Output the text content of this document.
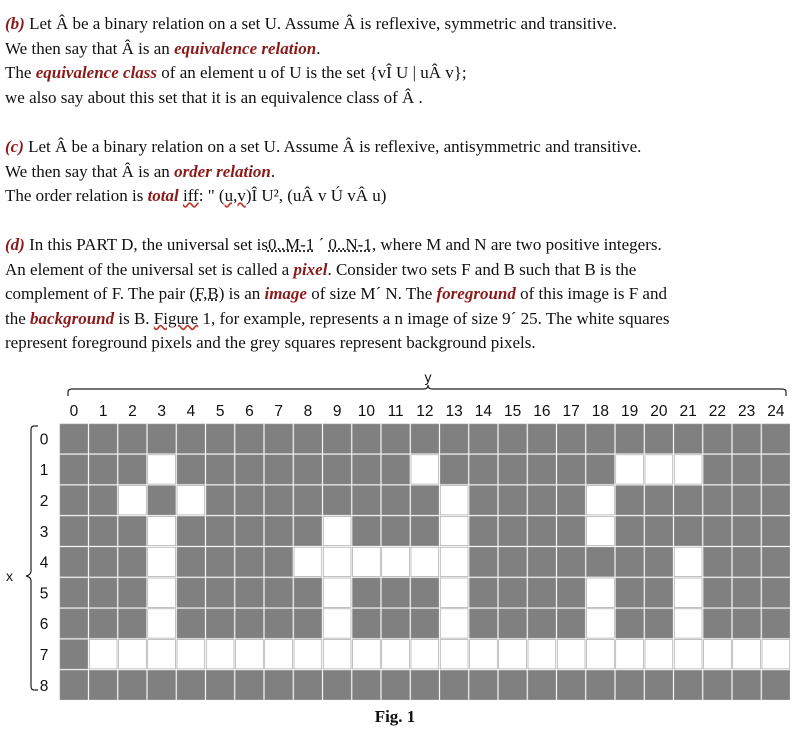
(b) Let Â be a binary relation on a set U. Assume Â is reflexive, symmetric and transitive.
We then say that Â is an equivalence relation.
The equivalence class of an element u of U is the set {vÎ U | uÂ v};
we also say about this set that it is an equivalence class of Â .
(c) Let Â be a binary relation on a set U. Assume Â is reflexive, antisymmetric and transitive.
We then say that Â is an order relation.
The order relation is total iff: " (u,v)Î U², (uÂ v Ú vÂ u)
(d) In this PART D, the universal set is0..M-1 ´ 0..N-1, where M and N are two positive integers.
An element of the universal set is called a pixel. Consider two sets F and B such that B is the
complement of F. The pair (F,B) is an image of size M´ N. The foreground of this image is F and
the background is B. Figure 1, for example, represents a n image of size 9´ 25. The white squares
represent foreground pixels and the grey squares represent background pixels.
y
0 1 2 3 4 5 6 7 8 9 10 11 12 13 14 15 16 17 18 19 20 21 22 23 24
x
0
1
2
3
4
5
6
7
8
Fig. 1
